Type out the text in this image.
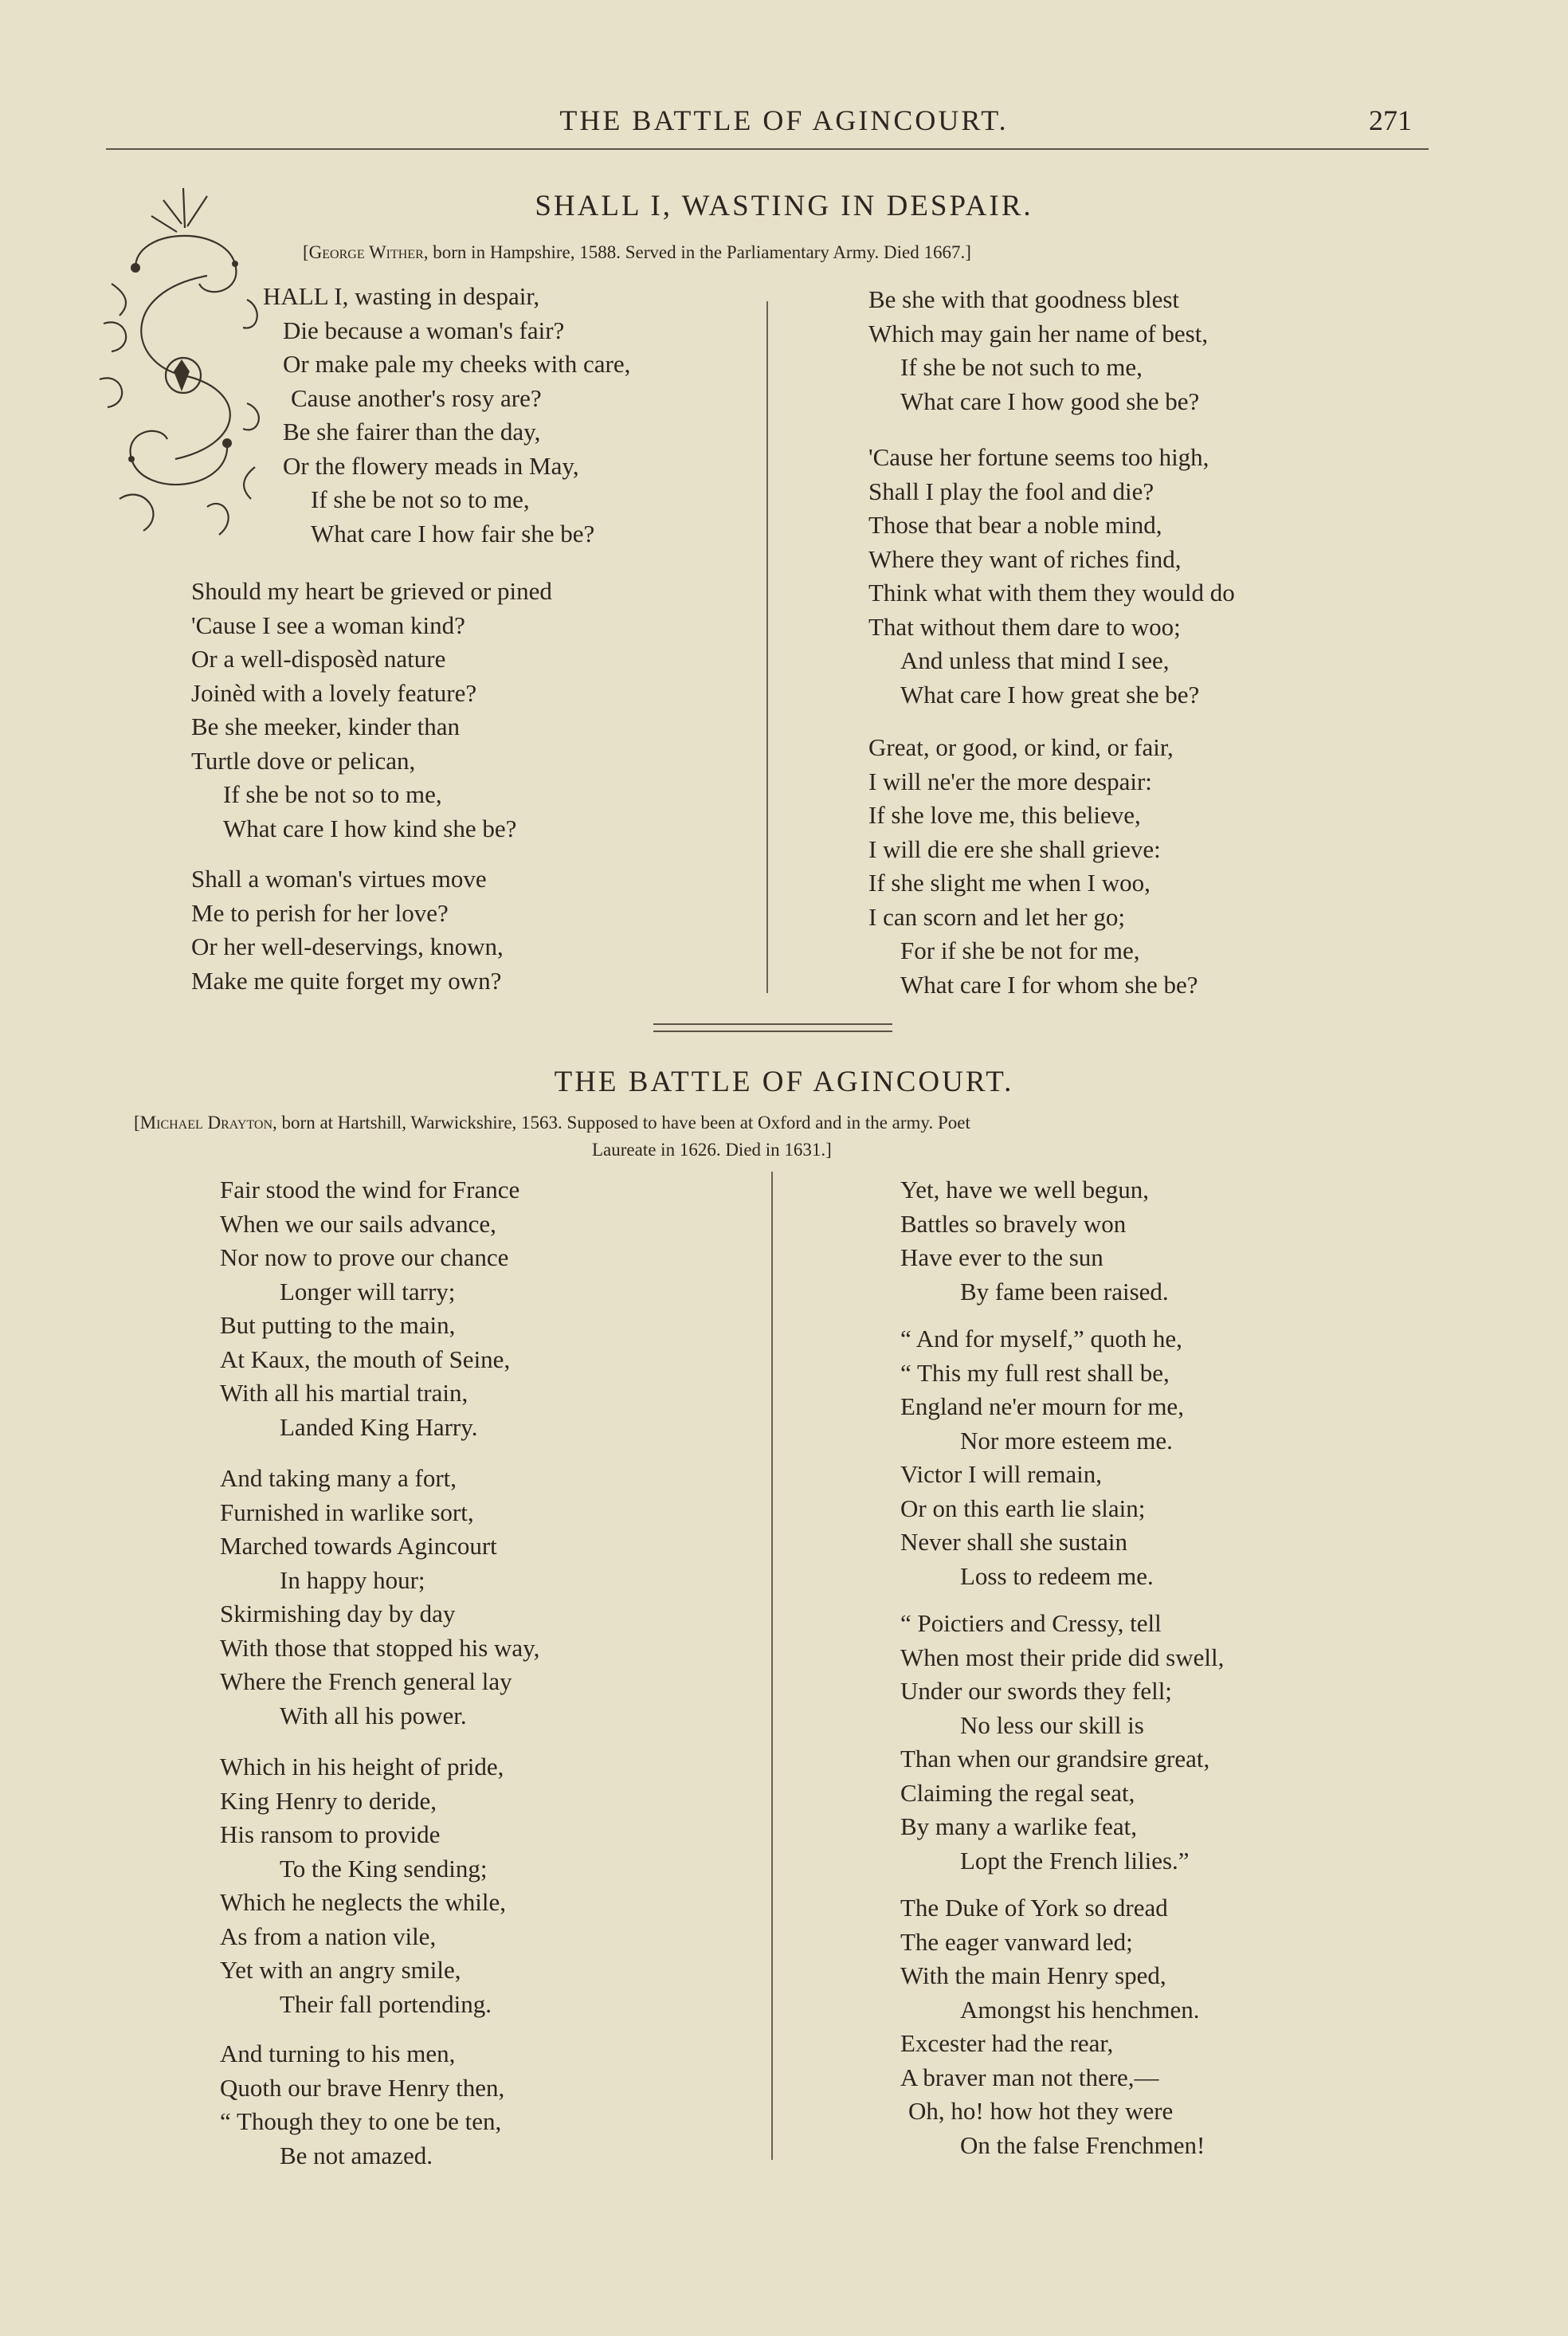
THE BATTLE OF AGINCOURT.	271
SHALL I, WASTING IN DESPAIR.
[George Wither, born in Hampshire, 1588. Served in the Parliamentary Army. Died 1667.]
HALL I, wasting in despair,
Die because a woman's fair?
Or make pale my cheeks with care,
Cause another's rosy are?
Be she fairer than the day,
Or the flowery meads in May,
If she be not so to me,
What care I how fair she be?
Should my heart be grieved or pined
'Cause I see a woman kind?
Or a well-disposèd nature
Joinèd with a lovely feature?
Be she meeker, kinder than
Turtle dove or pelican,
If she be not so to me,
What care I how kind she be?
Shall a woman's virtues move
Me to perish for her love?
Or her well-deservings, known,
Make me quite forget my own?
Be she with that goodness blest
Which may gain her name of best,
If she be not such to me,
What care I how good she be?
'Cause her fortune seems too high,
Shall I play the fool and die?
Those that bear a noble mind,
Where they want of riches find,
Think what with them they would do
That without them dare to woo;
And unless that mind I see,
What care I how great she be?
Great, or good, or kind, or fair,
I will ne'er the more despair:
If she love me, this believe,
I will die ere she shall grieve:
If she slight me when I woo,
I can scorn and let her go;
For if she be not for me,
What care I for whom she be?
THE BATTLE OF AGINCOURT.
[Michael Drayton, born at Hartshill, Warwickshire, 1563. Supposed to have been at Oxford and in the army. Poet
Laureate in 1626. Died in 1631.]
Fair stood the wind for France
When we our sails advance,
Nor now to prove our chance
Longer will tarry;
But putting to the main,
At Kaux, the mouth of Seine,
With all his martial train,
Landed King Harry.
And taking many a fort,
Furnished in warlike sort,
Marched towards Agincourt
In happy hour;
Skirmishing day by day
With those that stopped his way,
Where the French general lay
With all his power.
Which in his height of pride,
King Henry to deride,
His ransom to provide
To the King sending;
Which he neglects the while,
As from a nation vile,
Yet with an angry smile,
Their fall portending.
And turning to his men,
Quoth our brave Henry then,
“ Though they to one be ten,
Be not amazed.
Yet, have we well begun,
Battles so bravely won
Have ever to the sun
By fame been raised.
“ And for myself,” quoth he,
“ This my full rest shall be,
England ne'er mourn for me,
Nor more esteem me.
Victor I will remain,
Or on this earth lie slain;
Never shall she sustain
Loss to redeem me.
“ Poictiers and Cressy, tell
When most their pride did swell,
Under our swords they fell;
No less our skill is
Than when our grandsire great,
Claiming the regal seat,
By many a warlike feat,
Lopt the French lilies.”
The Duke of York so dread
The eager vanward led;
With the main Henry sped,
Amongst his henchmen.
Excester had the rear,
A braver man not there,—
Oh, ho! how hot they were
On the false Frenchmen!
